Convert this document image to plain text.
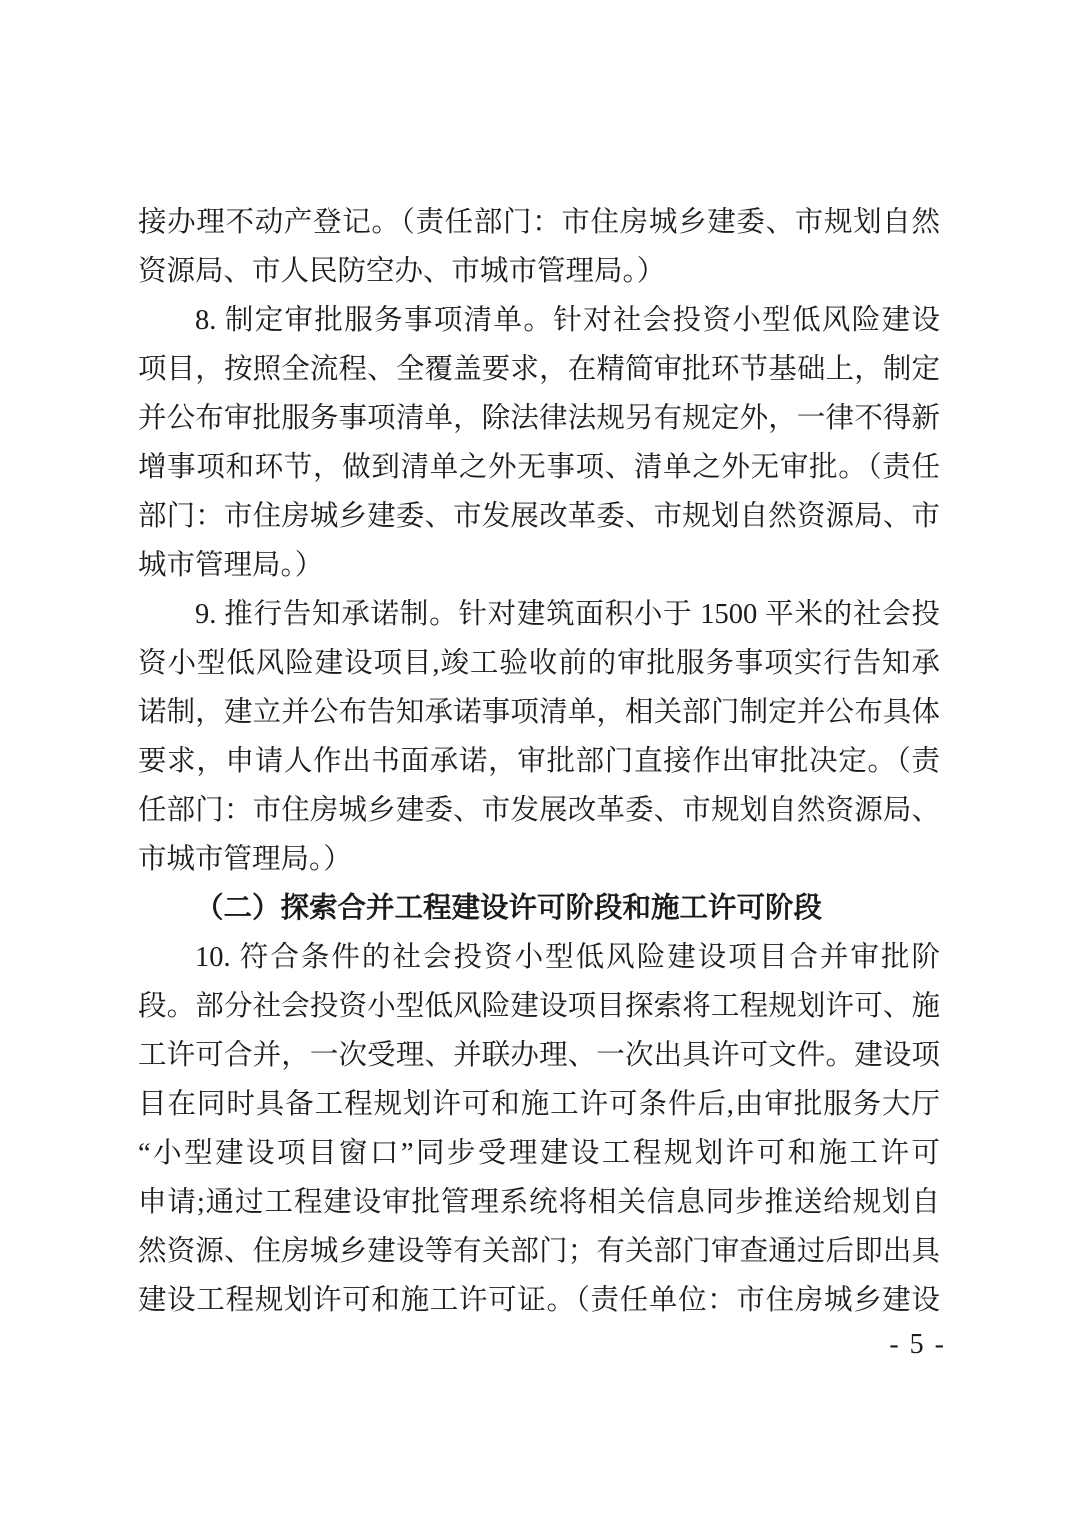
接办理不动产登记。（责任部门：市住房城乡建委、市规划自然
资源局、市人民防空办、市城市管理局。）
8. 制定审批服务事项清单。针对社会投资小型低风险建设
项目，按照全流程、全覆盖要求，在精简审批环节基础上，制定
并公布审批服务事项清单，除法律法规另有规定外，一律不得新
增事项和环节，做到清单之外无事项、清单之外无审批。（责任
部门：市住房城乡建委、市发展改革委、市规划自然资源局、市
城市管理局。）
9. 推行告知承诺制。针对建筑面积小于 1500 平米的社会投
资小型低风险建设项目,竣工验收前的审批服务事项实行告知承
诺制，建立并公布告知承诺事项清单，相关部门制定并公布具体
要求，申请人作出书面承诺，审批部门直接作出审批决定。（责
任部门：市住房城乡建委、市发展改革委、市规划自然资源局、
市城市管理局。）
（二）探索合并工程建设许可阶段和施工许可阶段
10. 符合条件的社会投资小型低风险建设项目合并审批阶
段。部分社会投资小型低风险建设项目探索将工程规划许可、施
工许可合并，一次受理、并联办理、一次出具许可文件。建设项
目在同时具备工程规划许可和施工许可条件后,由审批服务大厅
“小型建设项目窗口”同步受理建设工程规划许可和施工许可
申请;通过工程建设审批管理系统将相关信息同步推送给规划自
然资源、住房城乡建设等有关部门；有关部门审查通过后即出具
建设工程规划许可和施工许可证。（责任单位：市住房城乡建设
- 5 -
